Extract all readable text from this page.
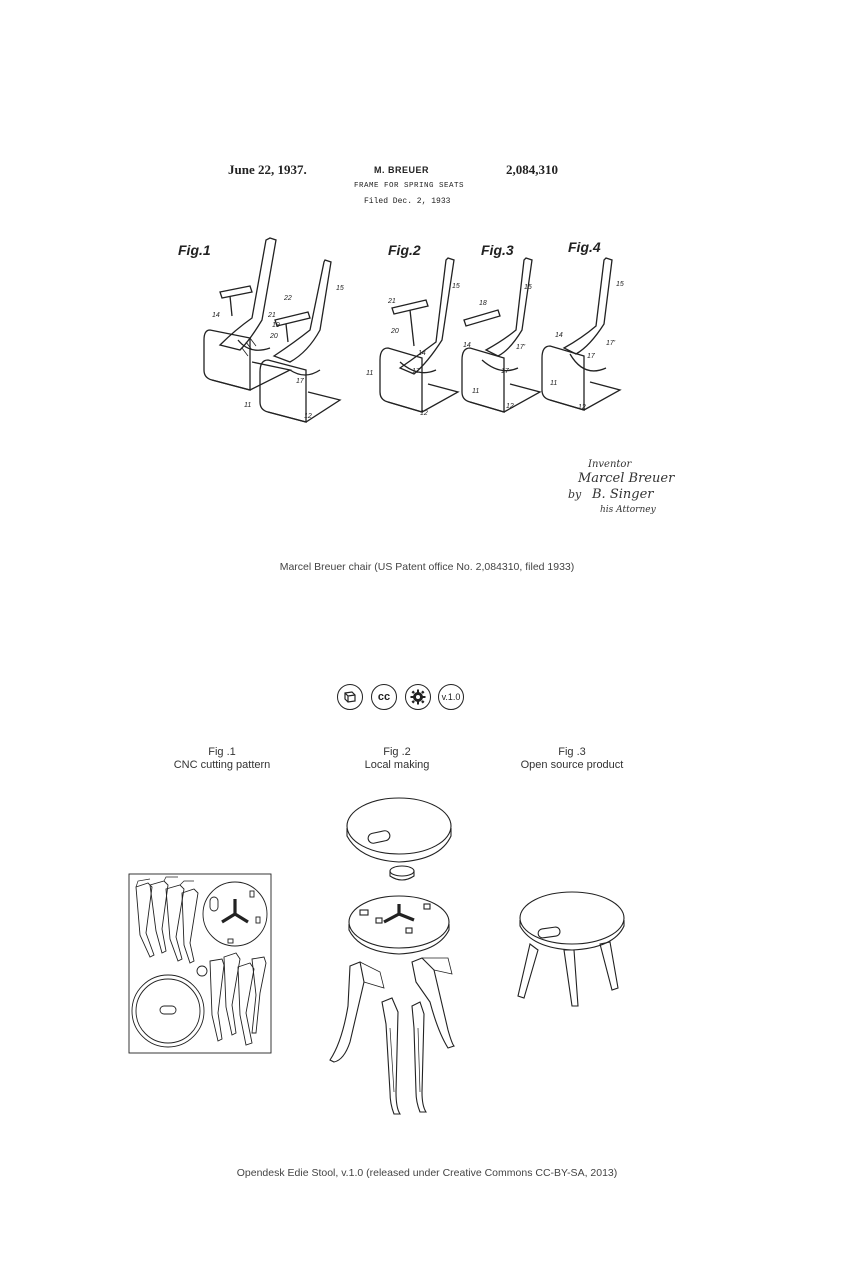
June 22, 1937.	M. BREUER
FRAME FOR SPRING SEATS
Filed Dec. 2, 1933
2,084,310
Fig.1	Fig.2	Fig.3	Fig.4
14
19
20
21
22
15
17
11
12
21
20
14
15
17
11
12
18
14	17'
15
17
11
12
14
15
17'
17
11
12
Inventor
Marcel Breuer
by B. Singer
his Attorney
Marcel Breuer chair (US Patent office No. 2,084310, filed 1933)
cc	v.1.0
Fig .1
CNC cutting pattern
Fig .2
Local making
Fig .3
Open source product
Opendesk Edie Stool, v.1.0 (released under Creative Commons CC-BY-SA, 2013)
